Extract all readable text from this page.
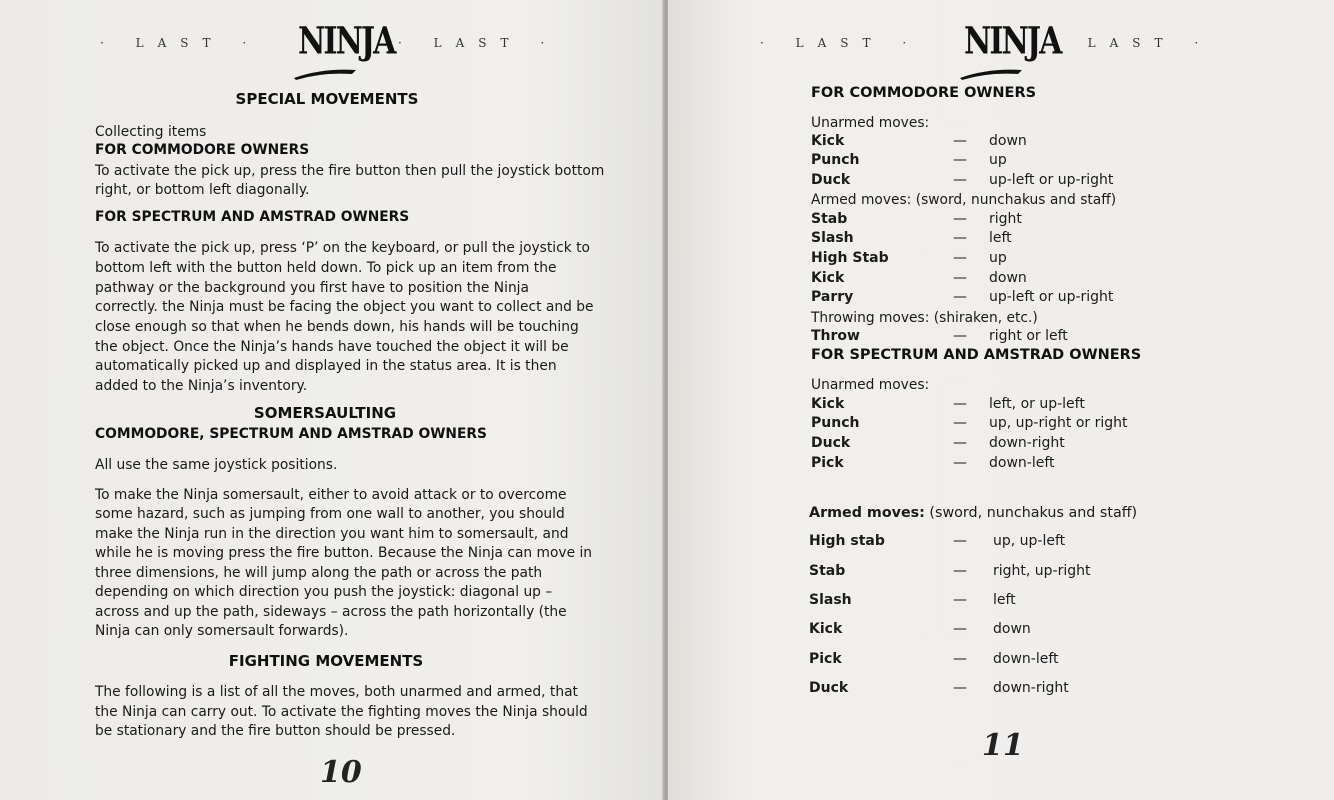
· LAST · NINJA · LAST ·
SPECIAL MOVEMENTS
Collecting items
FOR COMMODORE OWNERS
To activate the pick up, press the fire button then pull the joystick bottom
right, or bottom left diagonally.
FOR SPECTRUM AND AMSTRAD OWNERS
To activate the pick up, press ‘P’ on the keyboard, or pull the joystick to
bottom left with the button held down. To pick up an item from the
pathway or the background you first have to position the Ninja
correctly. the Ninja must be facing the object you want to collect and be
close enough so that when he bends down, his hands will be touching
the object. Once the Ninja’s hands have touched the object it will be
automatically picked up and displayed in the status area. It is then
added to the Ninja’s inventory.
SOMERSAULTING
COMMODORE, SPECTRUM AND AMSTRAD OWNERS
All use the same joystick positions.
To make the Ninja somersault, either to avoid attack or to overcome
some hazard, such as jumping from one wall to another, you should
make the Ninja run in the direction you want him to somersault, and
while he is moving press the fire button. Because the Ninja can move in
three dimensions, he will jump along the path or across the path
depending on which direction you push the joystick: diagonal up –
across and up the path, sideways – across the path horizontally (the
Ninja can only somersault forwards).
FIGHTING MOVEMENTS
The following is a list of all the moves, both unarmed and armed, that
the Ninja can carry out. To activate the fighting moves the Ninja should
be stationary and the fire button should be pressed.
10
· LAST · NINJA
· LAST ·
FOR COMMODORE OWNERS
Unarmed moves:
Kick	— down
Punch	— up
Duck	— up-left or up-right
Armed moves: (sword, nunchakus and staff)
Stab	— right
Slash	— left
High Stab	— up
Kick	— down
Parry	— up-left or up-right
Throwing moves: (shiraken, etc.)
Throw	— right or left
FOR SPECTRUM AND AMSTRAD OWNERS
Unarmed moves:
Kick	— left, or up-left
Punch	— up, up-right or right
Duck	— down-right
Pick	— down-left
Armed moves: (sword, nunchakus and staff)
High stab	— up, up-left
Stab	— right, up-right
Slash	— left
Kick	— down
Pick	— down-left
Duck	— down-right
11
